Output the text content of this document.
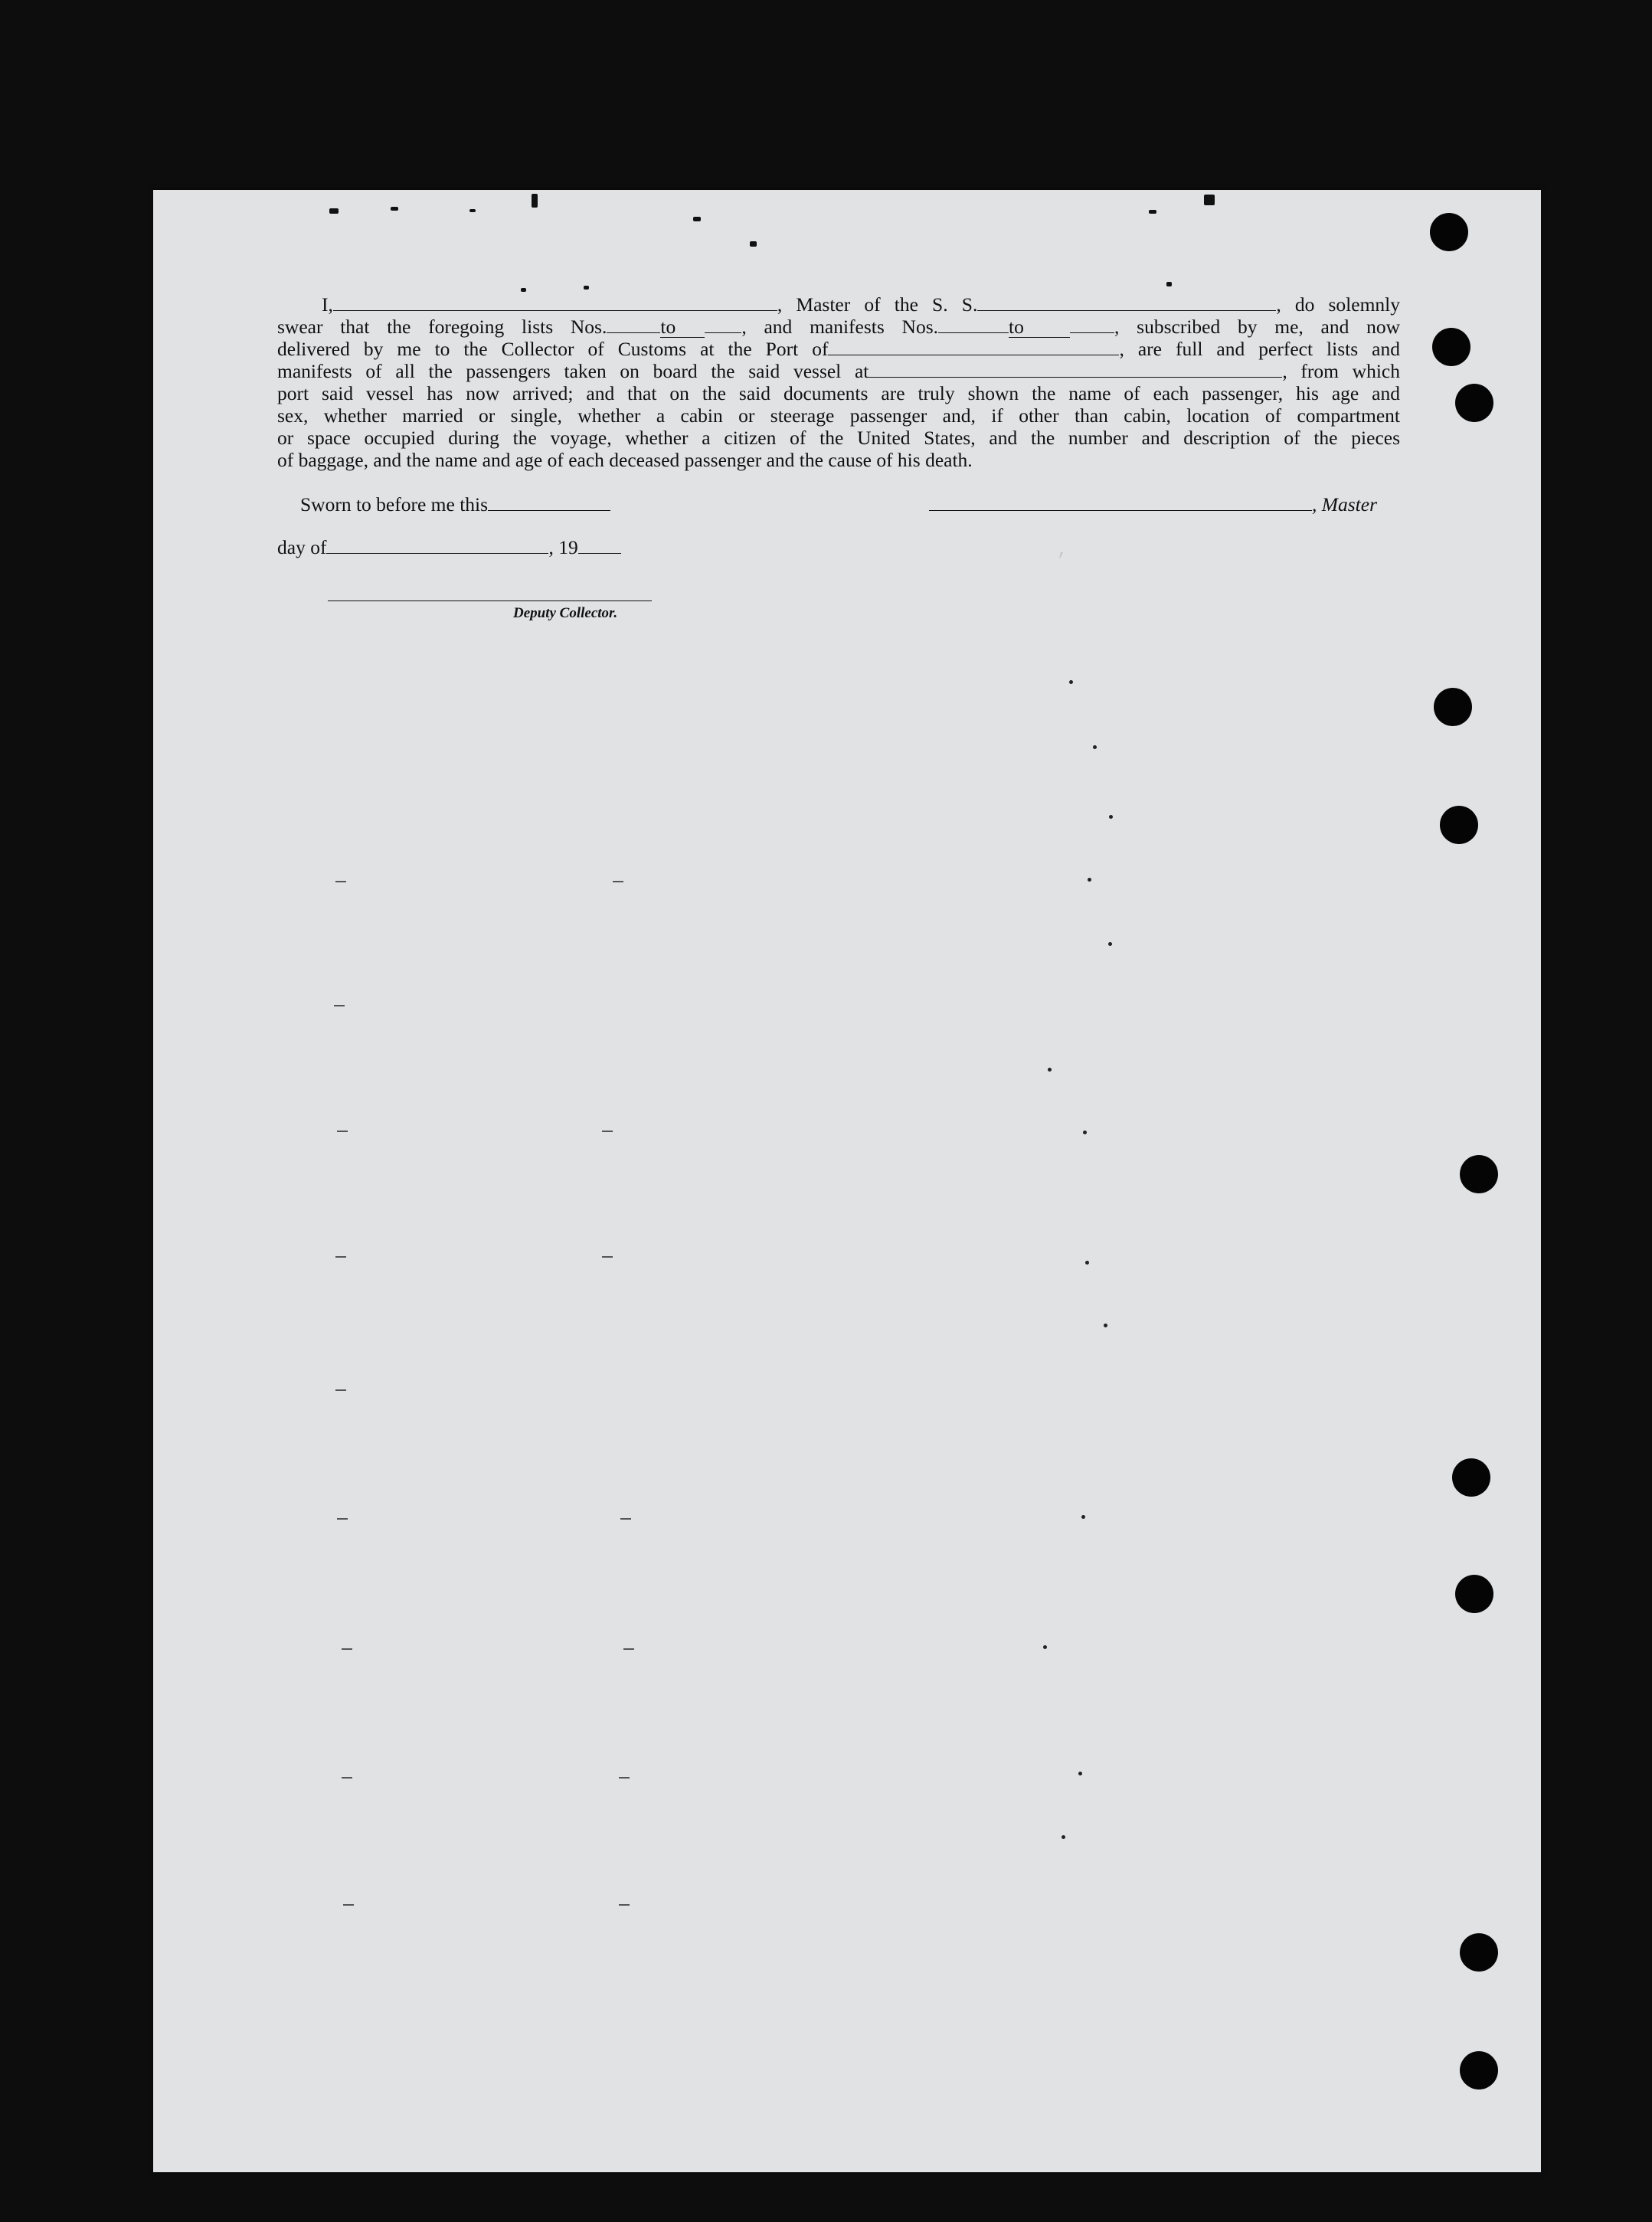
I,	, Master of the S. S.	, do solemnly

swear that the foregoing lists Nos.	to	, and manifests Nos.	to	, subscribed by me, and now

delivered by me to the Collector of Customs at the Port of	, are full and perfect lists and

manifests of all the passengers taken on board the said vessel at	, from which

port said vessel has now arrived; and that on the said documents are truly shown the name of each passenger, his age and

sex, whether married or single, whether a cabin or steerage passenger and, if other than cabin, location of compartment

or space occupied during the voyage, whether a citizen of the United States, and the number and description of the pieces

of baggage, and the name and age of each deceased passenger and the cause of his death.

Sworn to before me this	, Master
day of	, 19
Deputy Collector.
,
